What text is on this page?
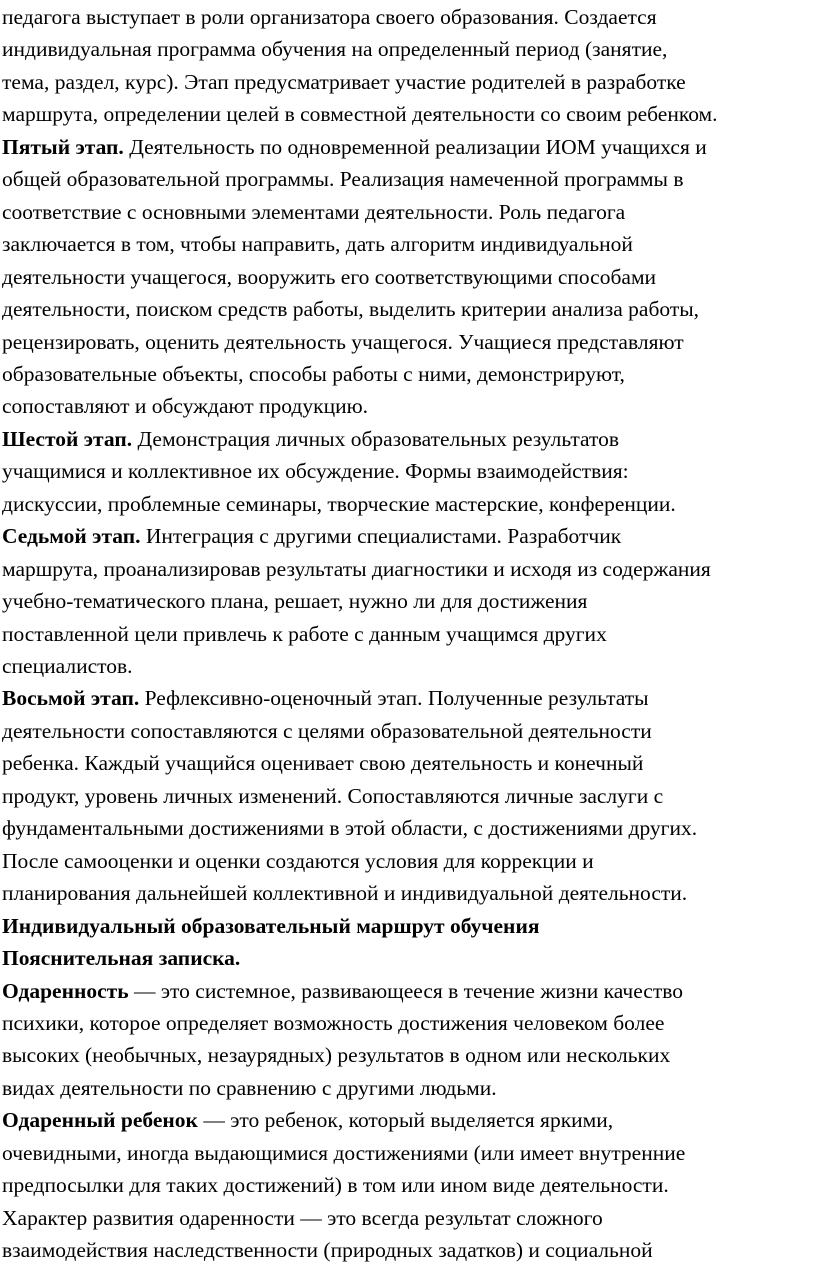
педагога выступает в роли организатора своего образования. Создается

индивидуальная программа обучения на определенный период (занятие,

тема, раздел, курс). Этап предусматривает участие родителей в разработке

маршрута, определении целей в совместной деятельности со своим ребенком.

Пятый этап. Деятельность по одновременной реализации ИОМ учащихся и

общей образовательной программы. Реализация намеченной программы в

соответствие с основными элементами деятельности. Роль педагога

заключается в том, чтобы направить, дать алгоритм индивидуальной

деятельности учащегося, вооружить его соответствующими способами

деятельности, поиском средств работы, выделить критерии анализа работы,

рецензировать, оценить деятельность учащегося. Учащиеся представляют

образовательные объекты, способы работы с ними, демонстрируют,

сопоставляют и обсуждают продукцию.

Шестой этап. Демонстрация личных образовательных результатов

учащимися и коллективное их обсуждение. Формы взаимодействия:

дискуссии, проблемные семинары, творческие мастерские, конференции.

Седьмой этап. Интеграция с другими специалистами. Разработчик

маршрута, проанализировав результаты диагностики и исходя из содержания

учебно-тематического плана, решает, нужно ли для достижения

поставленной цели привлечь к работе с данным учащимся других

специалистов.

Восьмой этап. Рефлексивно-оценочный этап. Полученные результаты

деятельности сопоставляются с целями образовательной деятельности

ребенка. Каждый учащийся оценивает свою деятельность и конечный

продукт, уровень личных изменений. Сопоставляются личные заслуги с

фундаментальными достижениями в этой области, с достижениями других.

После самооценки и оценки создаются условия для коррекции и

планирования дальнейшей коллективной и индивидуальной деятельности.

Индивидуальный образовательный маршрут обучения

Пояснительная записка.

Одаренность — это системное, развивающееся в течение жизни качество

психики, которое определяет возможность достижения человеком более

высоких (необычных, незаурядных) результатов в одном или нескольких

видах деятельности по сравнению с другими людьми.

Одаренный ребенок — это ребенок, который выделяется яркими,

очевидными, иногда выдающимися достижениями (или имеет внутренние

предпосылки для таких достижений) в том или ином виде деятельности.

Характер развития одаренности — это всегда результат сложного

взаимодействия наследственности (природных задатков) и социальной
